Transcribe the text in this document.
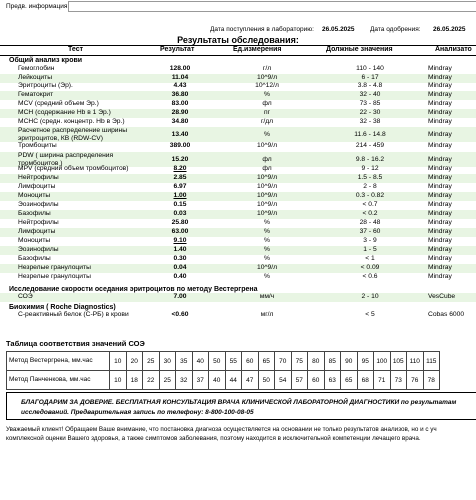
Предв. информация:
Дата поступления в лабораторию: 26.05.2025 Дата одобрения: 26.05.2025
Результаты обследования:
Тест	Результат	Ед.измерения	Должные значения	Анализато
Общий анализ крови
Исследование скорости оседания эритроцитов по методу Вестергрена
Биохимия ( Roche Diagnostics)
Гемоглобин	128.00	г/л	110 - 140	Mindray
Лейкоциты	11.04	10^9/л	6 - 17	Mindray
Эритроциты (Эр).	4.43	10^12/л	3.8 - 4.8	Mindray
Гематокрит	36.80	%	32 - 40	Mindray
MCV (средний объем Эр.)	83.00	фл	73 - 85	Mindray
MCH (содержание Hb в 1 Эр.)	28.90	пг	22 - 30	Mindray
MCHC (средн. концентр. Hb в Эр.)	34.80	г/дл	32 - 38	Mindray
Расчетное распределение ширины эритроцитов, КВ (RDW-CV)	13.40	%	11.6 - 14.8	Mindray
Тромбоциты	389.00	10^9/л	214 - 459	Mindray
PDW ( ширина распределения тромбоцитов )	15.20	фл	9.8 - 16.2	Mindray
MPV (средний объем тромбоцитов)	8.20	фл	9 - 12	Mindray
Нейтрофилы	2.85	10^9/л	1.5 - 8.5	Mindray
Лимфоциты	6.97	10^9/л	2 - 8	Mindray
Моноциты	1.00	10^9/л	0.3 - 0.82	Mindray
Эозинофилы	0.15	10^9/л	< 0.7	Mindray
Базофилы	0.03	10^9/л	< 0.2	Mindray
Нейтрофилы	25.80	%	28 - 48	Mindray
Лимфоциты	63.00	%	37 - 60	Mindray
Моноциты	9.10	%	3 - 9	Mindray
Эозинофилы	1.40	%	1 - 5	Mindray
Базофилы	0.30	%	< 1	Mindray
Незрелые гранулоциты	0.04	10^9/л	< 0.09	Mindray
Незрелые гранулоциты	0.40	%	< 0.6	Mindray
СОЭ	7.00	мм/ч	2 - 10	VesCube
С-реактивный белок (С-РБ) в крови	<0.60	мг/л	< 5	Cobas 6000
Таблица соответствия значений СОЭ
Метод Вестергрена, мм.час	10	20	25	30	35	40	50	55	60	65	70	75	80	85	90	95	100	105	110	115
Метод Панченкова, мм.час	10	18	22	25	32	37	40	44	47	50	54	57	60	63	65	68	71	73	76	78
БЛАГОДАРИМ ЗА ДОВЕРИЕ. БЕСПЛАТНАЯ КОНСУЛЬТАЦИЯ ВРАЧА КЛИНИЧЕСКОЙ ЛАБОРАТОРНОЙ ДИАГНОСТИКИ по результатам исследований. Предварительная запись по телефону: 8-800-100-08-05
Уважаемый клиент! Обращаем Ваше внимание, что постановка диагноза осуществляется на основании не только результатов анализов, но и с уч комплексной оценки Вашего здоровья, а также симптомов заболевания, поэтому находится в исключительной компетенции лечащего врача.
